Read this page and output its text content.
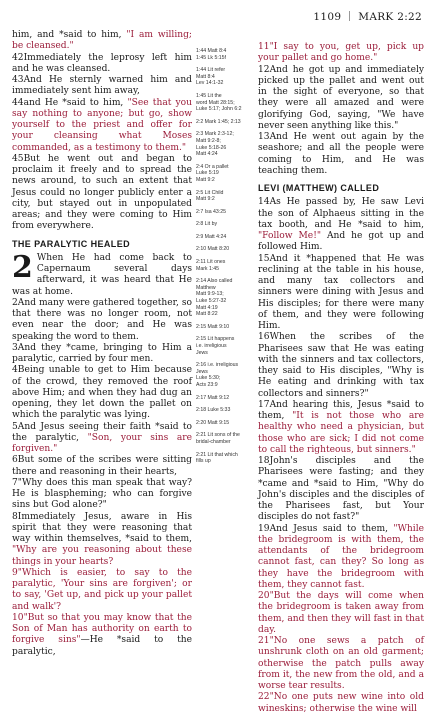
1109 MARK 2:22

him, and *said to him, "I am willing; be cleansed."

42Immediately the leprosy left him and he was cleansed.

43And He sternly warned him and immediately sent him away,

44and He *said to him, "See that you say nothing to anyone; but go, show yourself to the priest and offer for your cleansing what Moses commanded, as a testimony to them."

45But he went out and began to proclaim it freely and to spread the news around, to such an extent that Jesus could no longer publicly enter a city, but stayed out in unpopulated areas; and they were coming to Him from everywhere.

THE PARALYTIC HEALED

2 When He had come back to Capernaum several days afterward, it was heard that He was at home.

2And many were gathered together, so that there was no longer room, not even near the door; and He was speaking the word to them.

3And they *came, bringing to Him a paralytic, carried by four men.

4Being unable to get to Him because of the crowd, they removed the roof above Him; and when they had dug an opening, they let down the pallet on which the paralytic was lying.

5And Jesus seeing their faith *said to the paralytic, "Son, your sins are forgiven."

6But some of the scribes were sitting there and reasoning in their hearts,

7"Why does this man speak that way? He is blaspheming; who can forgive sins but God alone?"

8Immediately Jesus, aware in His spirit that they were reasoning that way within themselves, *said to them, "Why are you reasoning about these things in your hearts?

9"Which is easier, to say to the paralytic, 'Your sins are forgiven'; or to say, 'Get up, and pick up your pallet and walk'?

10"But so that you may know that the Son of Man has authority on earth to forgive sins"—He *said to the paralytic,

1:44 Matt 8:4
1:45 Lk 5:15f
1:44 Lit refer
Matt 8:4
Lev 14:1-32
1:45 Lit the
word Matt 28:15;
Luke 5:17; John 6:2
2:2 Mark 1:45; 2:13
2:3 Mark 2:3-12;
Matt 9:2-8;
Luke 5:18-26
Matt 4:24
2:4 Or a pallet
Luke 5:19
Matt 9:2
2:5 Lit Child
Matt 9:2
2:7 Isa 43:25
2:8 Lit by
2:9 Matt 4:24
2:10 Matt 8:20
2:11 Lit ones
Mark 1:45
2:14 Also called
Matthew
Matt 9:9-13;
Luke 5:27-32
Matt 4:19
Matt 8:22
2:15 Matt 9:10
2:15 Lit happens
i.e. irreligious
Jews
2:16 i.e. irreligious
Jews
Luke 5:30;
Acts 23:9
2:17 Matt 9:12
2:18 Luke 5:33
2:20 Matt 9:15
2:21 Lit sons of the
bridal-chamber
2:21 Lit that which
fills up

11"I say to you, get up, pick up your pallet and go home."

12And he got up and immediately picked up the pallet and went out in the sight of everyone, so that they were all amazed and were glorifying God, saying, "We have never seen anything like this."

13And He went out again by the seashore; and all the people were coming to Him, and He was teaching them.

LEVI (MATTHEW) CALLED

14As He passed by, He saw Levi the son of Alphaeus sitting in the tax booth, and He *said to him, "Follow Me!" And he got up and followed Him.

15And it *happened that He was reclining at the table in his house, and many tax collectors and sinners were dining with Jesus and His disciples; for there were many of them, and they were following Him.

16When the scribes of the Pharisees saw that He was eating with the sinners and tax collectors, they said to His disciples, "Why is He eating and drinking with tax collectors and sinners?"

17And hearing this, Jesus *said to them, "It is not those who are healthy who need a physician, but those who are sick; I did not come to call the righteous, but sinners."

18John's disciples and the Pharisees were fasting; and they *came and *said to Him, "Why do John's disciples and the disciples of the Pharisees fast, but Your disciples do not fast?"

19And Jesus said to them, "While the bridegroom is with them, the attendants of the bridegroom cannot fast, can they? So long as they have the bridegroom with them, they cannot fast.

20"But the days will come when the bridegroom is taken away from them, and then they will fast in that day.

21"No one sews a patch of unshrunk cloth on an old garment; otherwise the patch pulls away from it, the new from the old, and a worse tear results.

22"No one puts new wine into old wineskins; otherwise the wine will
